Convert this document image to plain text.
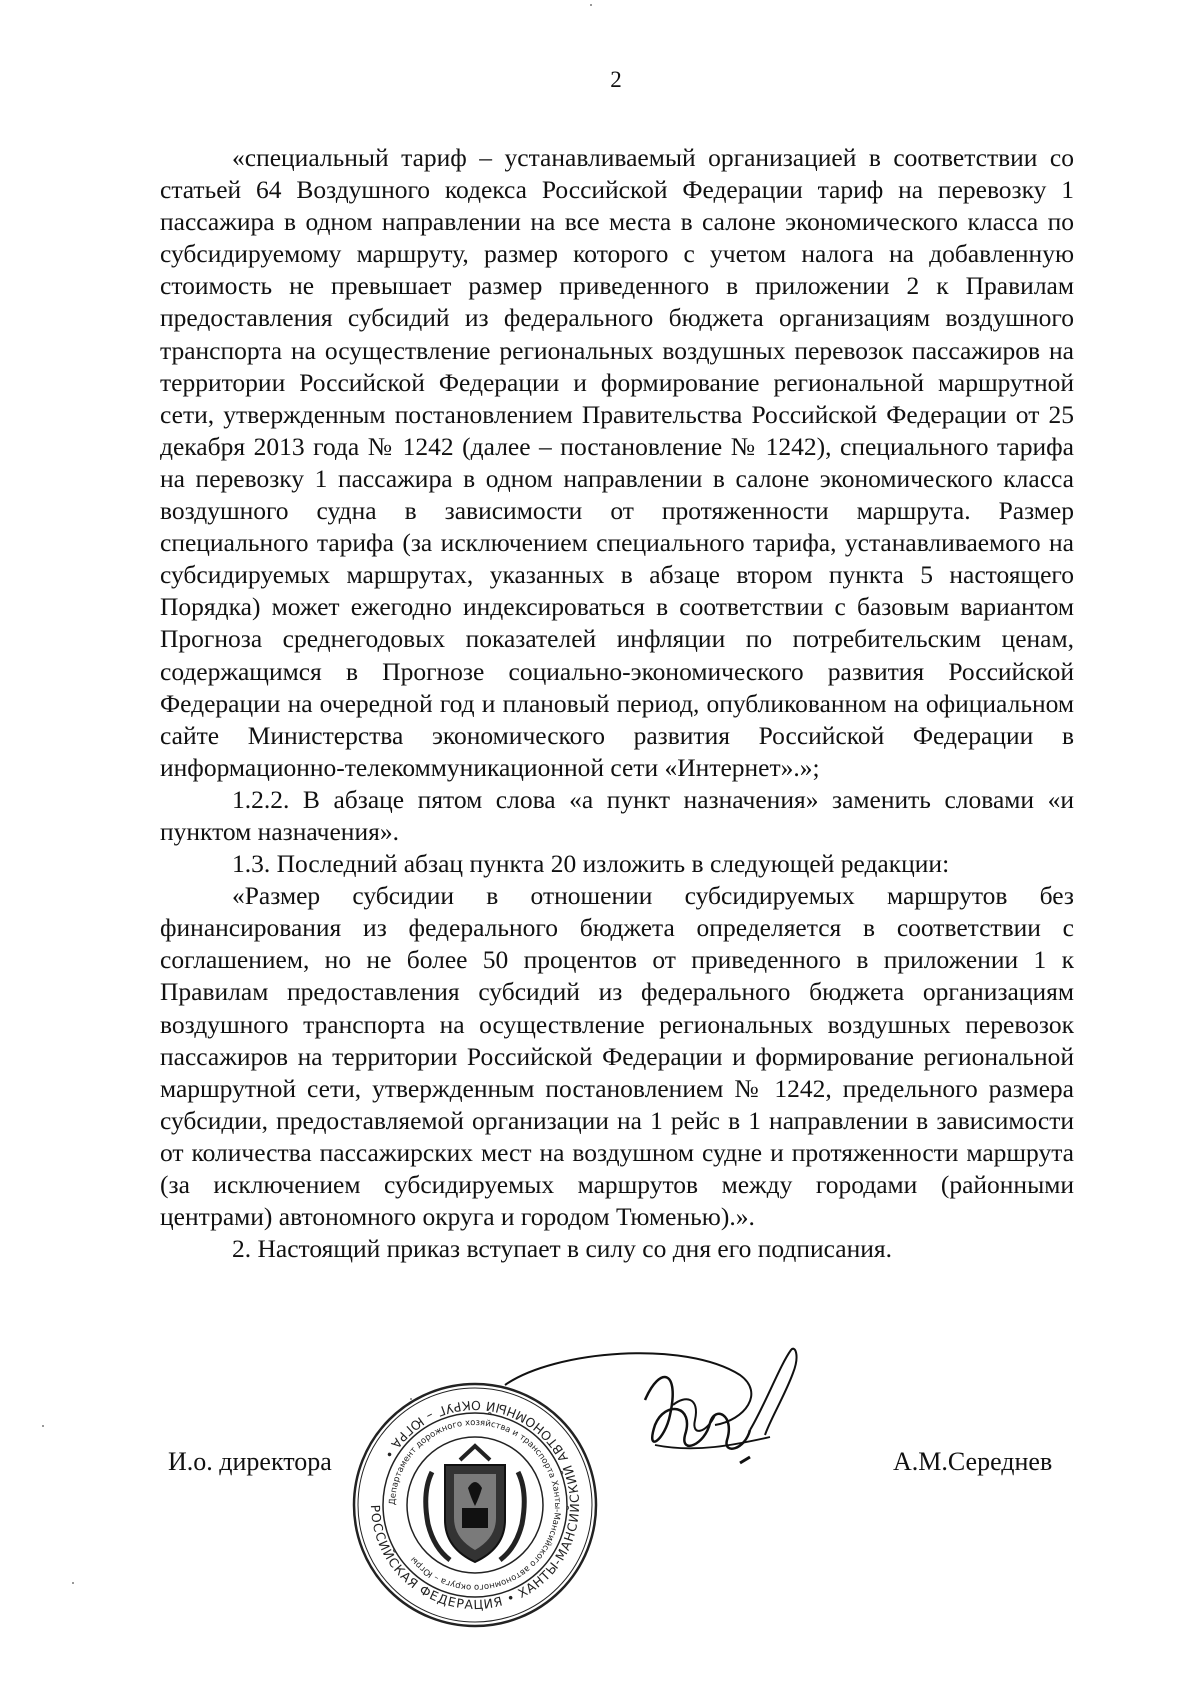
2

«специальный тариф – устанавливаемый организацией в соответствии со статьей 64 Воздушного кодекса Российской Федерации тариф на перевозку 1 пассажира в одном направлении на все места в салоне экономического класса по субсидируемому маршруту, размер которого с учетом налога на добавленную стоимость не превышает размер приведенного в приложении 2 к Правилам предоставления субсидий из федерального бюджета организациям воздушного транспорта на осуществление региональных воздушных перевозок пассажиров на территории Российской Федерации и формирование региональной маршрутной сети, утвержденным постановлением Правительства Российской Федерации от 25 декабря 2013 года № 1242 (далее – постановление № 1242), специального тарифа на перевозку 1 пассажира в одном направлении в салоне экономического класса воздушного судна в зависимости от протяженности маршрута. Размер специального тарифа (за исключением специального тарифа, устанавливаемого на субсидируемых маршрутах, указанных в абзаце втором пункта 5 настоящего Порядка) может ежегодно индексироваться в соответствии с базовым вариантом Прогноза среднегодовых показателей инфляции по потребительским ценам, содержащимся в Прогнозе социально-экономического развития Российской Федерации на очередной год и плановый период, опубликованном на официальном сайте Министерства экономического развития Российской Федерации в информационно-телекоммуникационной сети «Интернет».»;

1.2.2. В абзаце пятом слова «а пункт назначения» заменить словами «и пунктом назначения».

1.3. Последний абзац пункта 20 изложить в следующей редакции:

«Размер субсидии в отношении субсидируемых маршрутов без финансирования из федерального бюджета определяется в соответствии с соглашением, но не более 50 процентов от приведенного в приложении 1 к Правилам предоставления субсидий из федерального бюджета организациям воздушного транспорта на осуществление региональных воздушных перевозок пассажиров на территории Российской Федерации и формирование региональной маршрутной сети, утвержденным постановлением № 1242, предельного размера субсидии, предоставляемой организации на 1 рейс в 1 направлении в зависимости от количества пассажирских мест на воздушном судне и протяженности маршрута (за исключением субсидируемых маршрутов между городами (районными центрами) автономного округа и городом Тюменью).».

2. Настоящий приказ вступает в силу со дня его подписания.

И.о. директора	А.М.Середнев
РОССИЙСКАЯ ФЕДЕРАЦИЯ • ХАНТЫ-МАНСИЙСКИЙ АВТОНОМНЫЙ ОКРУГ – ЮГРА •
Департамент дорожного хозяйства и транспорта Ханты-Мансийского автономного округа – Югры
